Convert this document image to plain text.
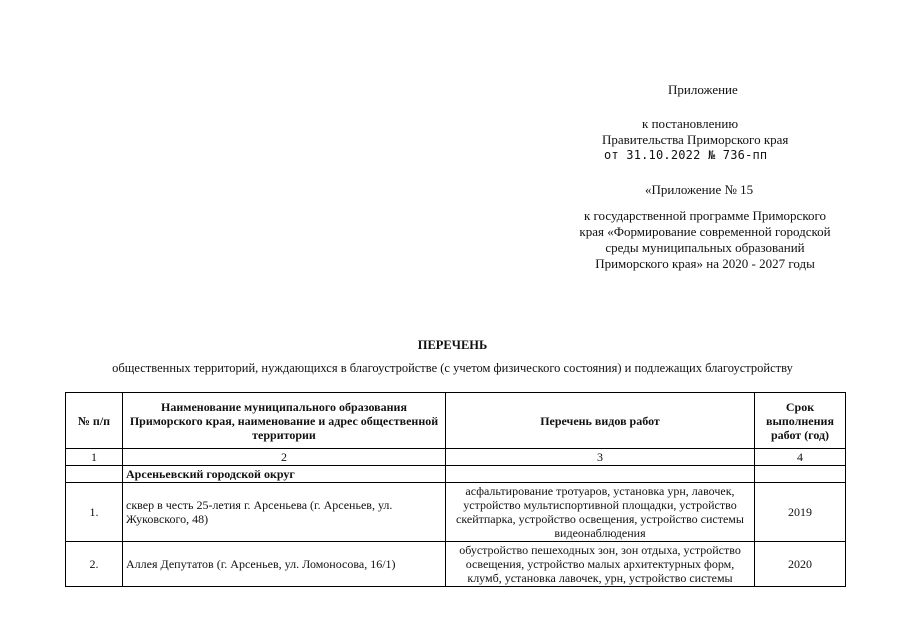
Приложение
к постановлению
Правительства Приморского края
от 31.10.2022 № 736-пп
«Приложение № 15
к государственной программе Приморского
края «Формирование современной городской
среды муниципальных образований
Приморского края» на 2020 - 2027 годы
ПЕРЕЧЕНЬ
общественных территорий, нуждающихся в благоустройстве (с учетом физического состояния) и подлежащих благоустройству
№ п/п	Наименование муниципального образования Приморского края, наименование и адрес общественной территории	Перечень видов работ	Срок выполнения работ (год)
1	2	3	4
	Арсеньевский городской округ		
1.	сквер в честь 25-летия г. Арсеньева (г. Арсеньев, ул. Жуковского, 48)	асфальтирование тротуаров, установка урн, лавочек, устройство мультиспортивной площадки, устройство скейтпарка, устройство освещения, устройство системы видеонаблюдения	2019
2.	Аллея Депутатов (г. Арсеньев, ул. Ломоносова, 16/1)	обустройство пешеходных зон, зон отдыха, устройство освещения, устройство малых архитектурных форм, клумб, установка лавочек, урн, устройство системы	2020
